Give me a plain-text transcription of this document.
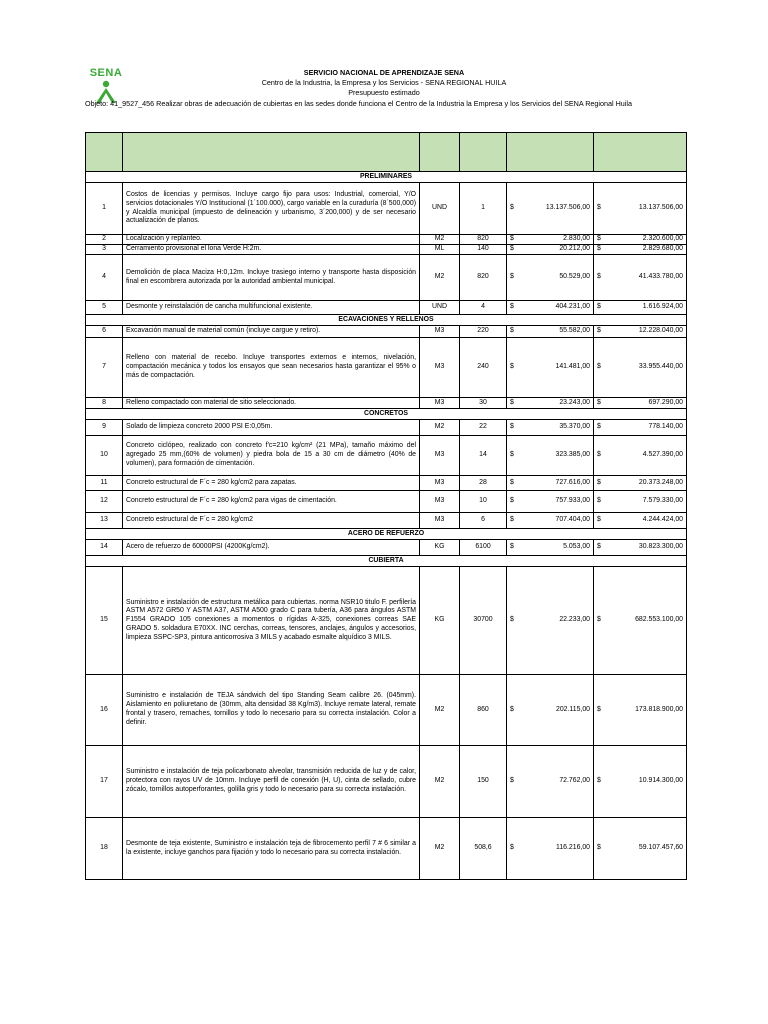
SENA	SERVICIO NACIONAL DE APRENDIZAJE SENA
Centro de la Industria, la Empresa y los Servicios - SENA REGIONAL HUILA
Presupuesto estimado
Objeto: 41_9527_456 Realizar obras de adecuación de cubiertas en las sedes donde funciona el Centro de la Industria la Empresa y los Servicios del SENA Regional Huila

PRELIMINARES					
1	Costos de licencias y permisos. Incluye cargo fijo para usos: Industrial, comercial, Y/O servicios dotacionales Y/O Institucional (1´100.000), cargo variable en la curaduría (8´500,000) y Alcaldía municipal (impuesto de delineación y urbanismo, 3´200,000) y de ser necesario actualización de planos.	UND	1	$ 13.137.506,00	$ 13.137.506,00

2	Localización y replanteo.	M2	820	$ 2.830,00	$ 2.320.600,00

3	Cerramiento provisional el lona Verde H:2m.	ML	140	$ 20.212,00	$ 2.829.680,00

4	Demolición de placa Maciza H:0,12m. Incluye trasiego interno y transporte hasta disposición final en escombrera autorizada por la autoridad ambiental municipal.	M2	820	$ 50.529,00	$ 41.433.780,00

5	Desmonte y reinstalación de cancha multifuncional existente.	UND	4	$ 404.231,00	$ 1.616.924,00

ECAVACIONES Y RELLENOS					
6	Excavación manual de material común (incluye cargue y retiro).	M3	220	$ 55.582,00	$ 12.228.040,00

7	Relleno con material de recebo. Incluye transportes externos e internos, nivelación, compactación mecánica y todos los ensayos que sean necesarios hasta garantizar el 95% o más de compactación.	M3	240	$ 141.481,00	$ 33.955.440,00

8	Relleno compactado con material de sitio seleccionado.	M3	30	$ 23.243,00	$ 697.290,00

CONCRETOS					
9	Solado de limpieza concreto 2000 PSI E:0,05m.	M2	22	$ 35.370,00	$ 778.140,00

10	Concreto ciclópeo, realizado con concreto f'c=210 kg/cm² (21 MPa), tamaño máximo del agregado 25 mm,(60% de volumen) y piedra bola de 15 a 30 cm de diámetro (40% de volumen), para formación de cimentación.	M3	14	$ 323.385,00	$ 4.527.390,00

11	Concreto estructural de F´c = 280 kg/cm2 para zapatas.	M3	28	$ 727.616,00	$ 20.373.248,00

12	Concreto estructural de F´c = 280 kg/cm2 para vigas de cimentación.	M3	10	$ 757.933,00	$ 7.579.330,00

13	Concreto estructural de F´c = 280 kg/cm2	M3	6	$ 707.404,00	$ 4.244.424,00

ACERO DE REFUERZO					
14	Acero de refuerzo de 60000PSI (4200Kg/cm2).	KG	6100	$ 5.053,00	$ 30.823.300,00

CUBIERTA					
15	Suministro e instalación de estructura metálica para cubiertas. norma NSR10 titulo F. perfilería ASTM A572 GR50 Y ASTM A37, ASTM A500 grado C para tubería, A36 para ángulos ASTM F1554 GRADO 105 conexiones a momentos o rígidas A-325, conexiones correas SAE GRADO 5. soldadura E70XX. INC cerchas, correas, tensores, anclajes, ángulos y accesorios, limpieza SSPC-SP3, pintura anticorrosiva 3 MILS y acabado esmalte alquídico 3 MILS.	KG	30700	$ 22.233,00	$ 682.553.100,00

16	Suministro e instalación de TEJA sándwich del tipo Standing Seam calibre 26. (045mm). Aislamiento en poliuretano de (30mm, alta densidad 38 Kg/m3). Incluye remate lateral, remate frontal y trasero, remaches, tornillos y todo lo necesario para su correcta instalación. Color a definir.	M2	860	$ 202.115,00	$ 173.818.900,00

17	Suministro e instalación de teja policarbonato alveolar, transmisión reducida de luz y de calor, protectora con rayos UV de 10mm. Incluye perfil de conexión (H, U), cinta de sellado, cubre zócalo, tornillos autoperforantes, golilla gris y todo lo necesario para su correcta instalación.	M2	150	$ 72.762,00	$ 10.914.300,00

18	Desmonte de teja existente, Suministro e instalación teja de fibrocemento perfil 7 # 6 similar a la existente, incluye ganchos para fijación y todo lo necesario para su correcta instalación.	M2	508,6	$ 116.216,00	$ 59.107.457,60
